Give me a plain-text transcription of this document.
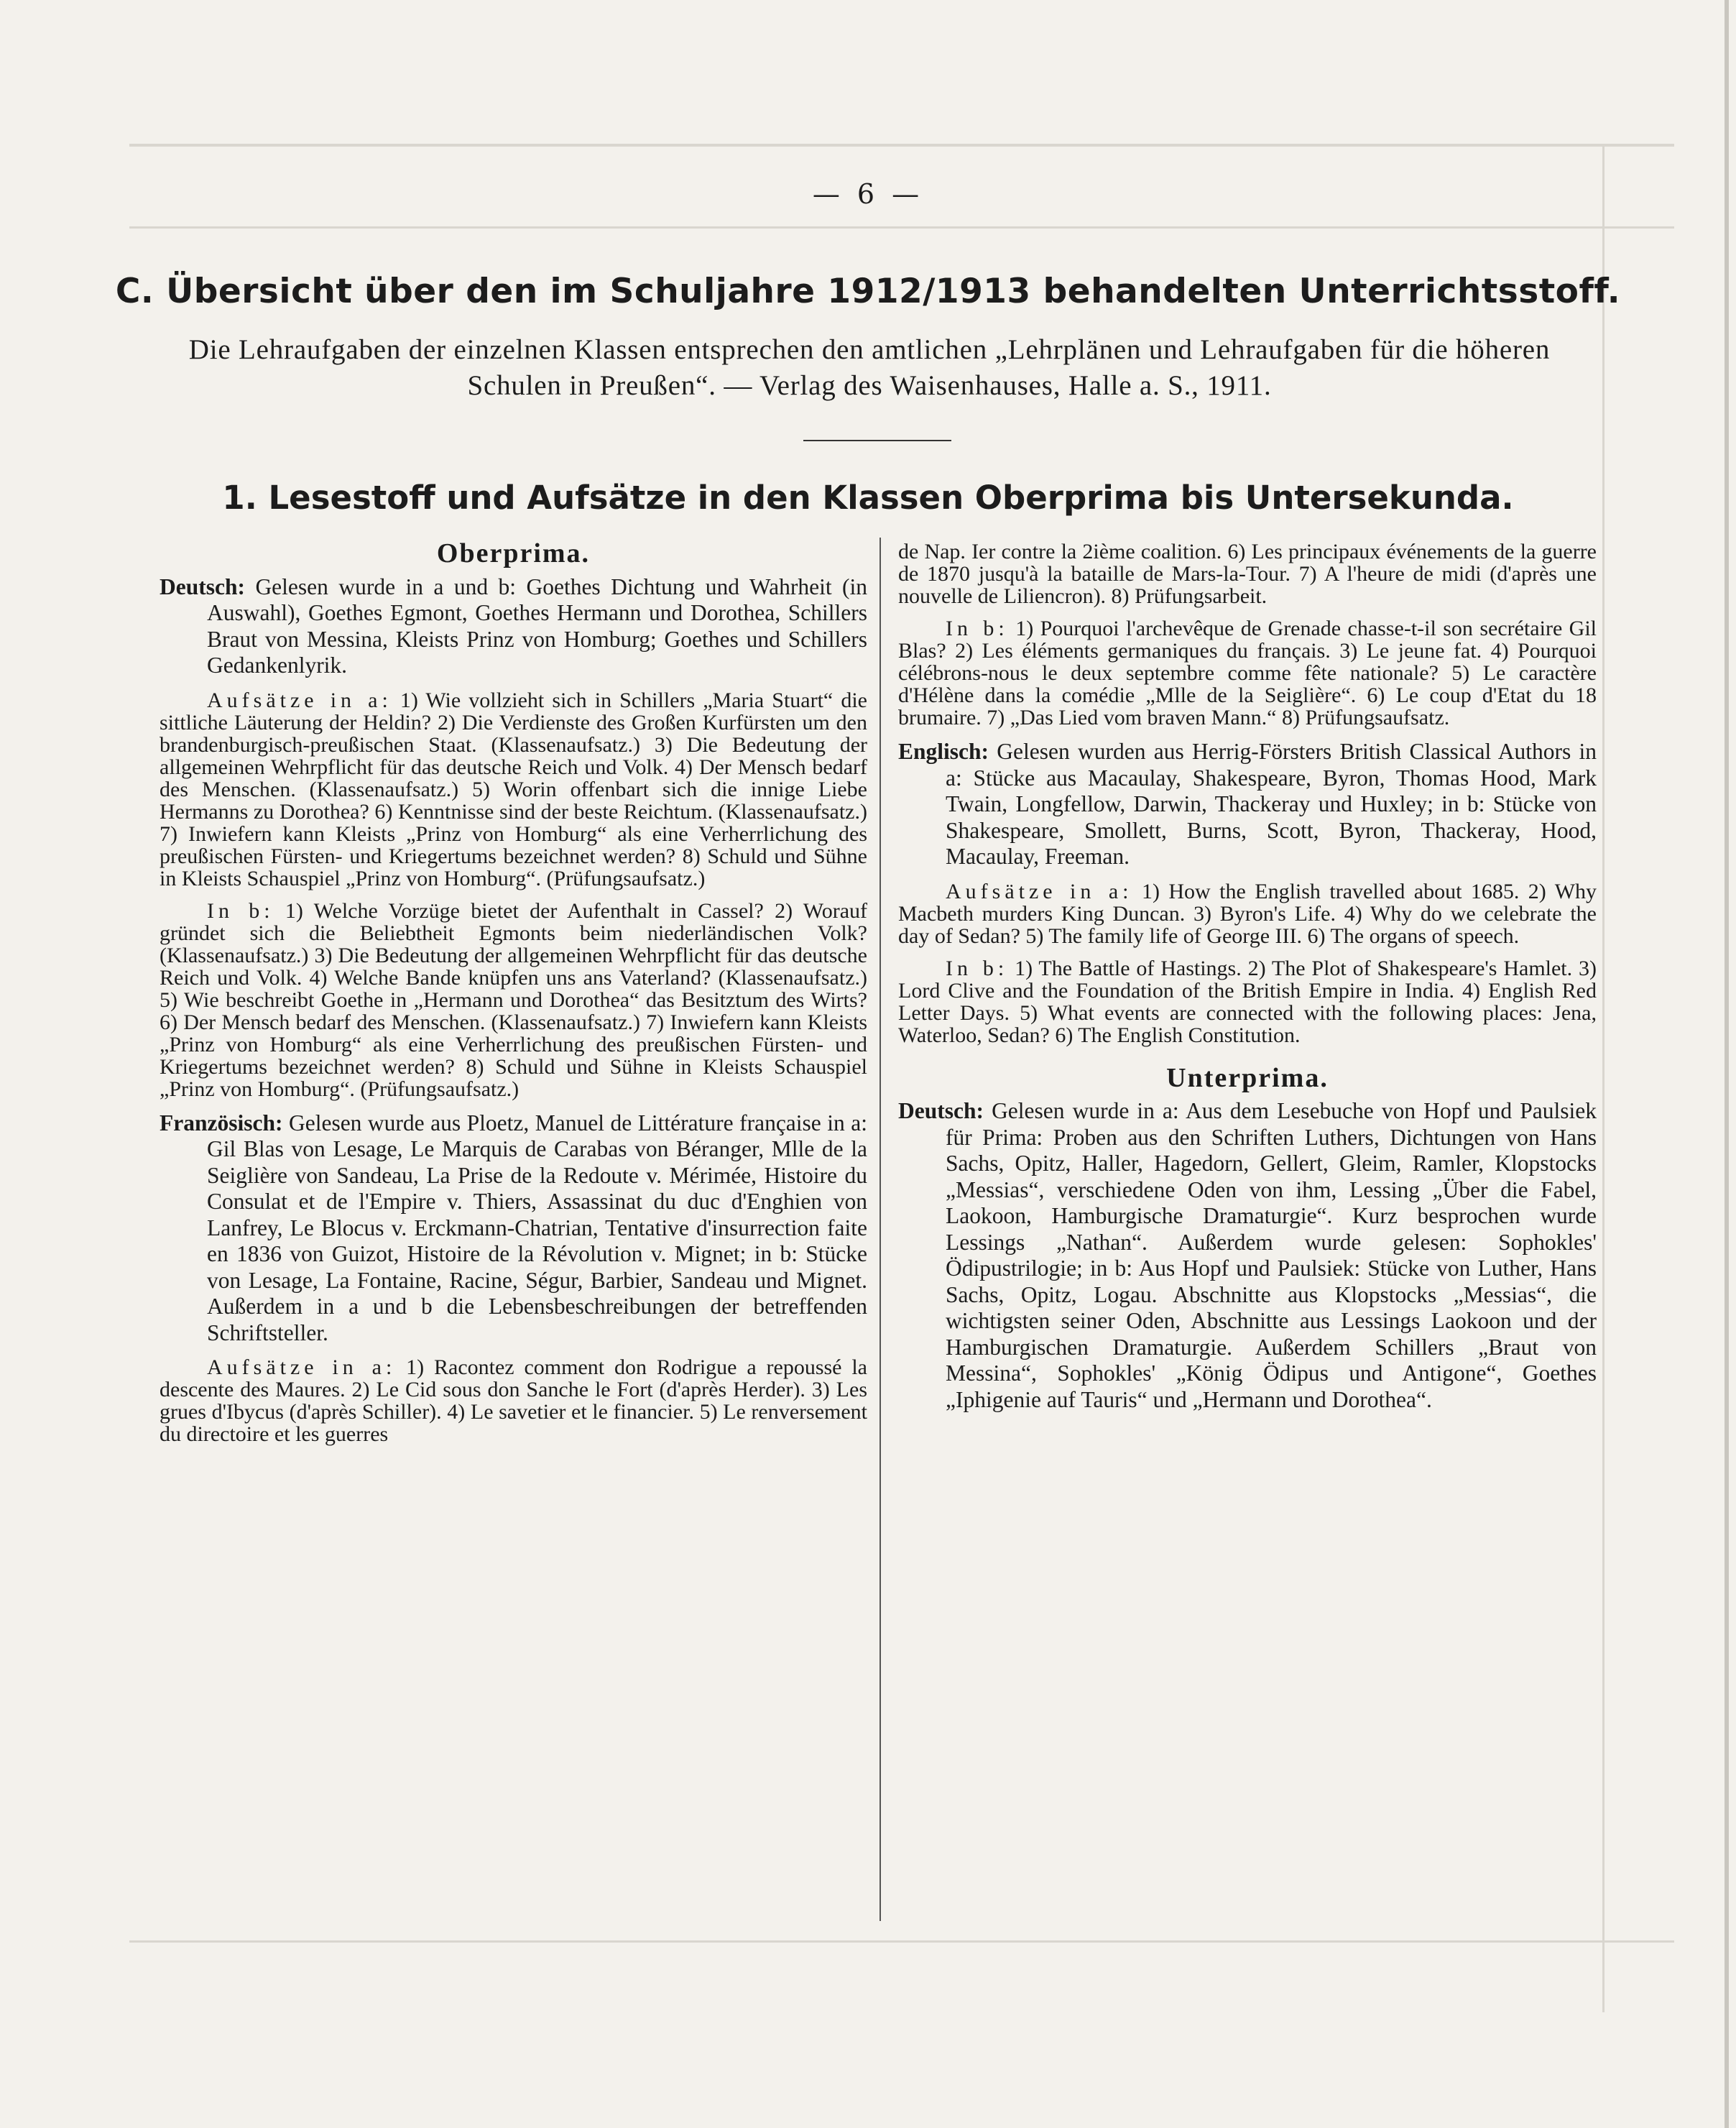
— 6 —
C. Übersicht über den im Schuljahre 1912/1913 behandelten Unterrichtsstoff.
Die Lehraufgaben der einzelnen Klassen entsprechen den amtlichen „Lehrplänen und Lehraufgaben für die höheren Schulen in Preußen“. — Verlag des Waisenhauses, Halle a. S., 1911.
1. Lesestoff und Aufsätze in den Klassen Oberprima bis Untersekunda.

Oberprima.

Deutsch: Gelesen wurde in a und b: Goethes Dichtung und Wahrheit (in Auswahl), Goethes Egmont, Goethes Hermann und Dorothea, Schillers Braut von Messina, Kleists Prinz von Homburg; Goethes und Schillers Gedankenlyrik.

Aufsätze in a: 1) Wie vollzieht sich in Schillers „Maria Stuart“ die sittliche Läuterung der Heldin? 2) Die Verdienste des Großen Kurfürsten um den brandenburgisch-preußischen Staat. (Klassenaufsatz.) 3) Die Bedeutung der allgemeinen Wehrpflicht für das deutsche Reich und Volk. 4) Der Mensch bedarf des Menschen. (Klassenaufsatz.) 5) Worin offenbart sich die innige Liebe Hermanns zu Dorothea? 6) Kenntnisse sind der beste Reichtum. (Klassenaufsatz.) 7) Inwiefern kann Kleists „Prinz von Homburg“ als eine Verherrlichung des preußischen Fürsten- und Kriegertums bezeichnet werden? 8) Schuld und Sühne in Kleists Schauspiel „Prinz von Homburg“. (Prüfungsaufsatz.)

In b: 1) Welche Vorzüge bietet der Aufenthalt in Cassel? 2) Worauf gründet sich die Beliebtheit Egmonts beim niederländischen Volk? (Klassenaufsatz.) 3) Die Bedeutung der allgemeinen Wehrpflicht für das deutsche Reich und Volk. 4) Welche Bande knüpfen uns ans Vaterland? (Klassenaufsatz.) 5) Wie beschreibt Goethe in „Hermann und Dorothea“ das Besitztum des Wirts? 6) Der Mensch bedarf des Menschen. (Klassenaufsatz.) 7) Inwiefern kann Kleists „Prinz von Homburg“ als eine Verherrlichung des preußischen Fürsten- und Kriegertums bezeichnet werden? 8) Schuld und Sühne in Kleists Schauspiel „Prinz von Homburg“. (Prüfungsaufsatz.)

Französisch: Gelesen wurde aus Ploetz, Manuel de Littérature française in a: Gil Blas von Lesage, Le Marquis de Carabas von Béranger, Mlle de la Seiglière von Sandeau, La Prise de la Redoute v. Mérimée, Histoire du Consulat et de l'Empire v. Thiers, Assassinat du duc d'Enghien von Lanfrey, Le Blocus v. Erckmann-Chatrian, Tentative d'insurrection faite en 1836 von Guizot, Histoire de la Révolution v. Mignet; in b: Stücke von Lesage, La Fontaine, Racine, Ségur, Barbier, Sandeau und Mignet. Außerdem in a und b die Lebensbeschreibungen der betreffenden Schriftsteller.

Aufsätze in a: 1) Racontez comment don Rodrigue a repoussé la descente des Maures. 2) Le Cid sous don Sanche le Fort (d'après Herder). 3) Les grues d'Ibycus (d'après Schiller). 4) Le savetier et le financier. 5) Le renversement du directoire et les guerres

de Nap. Ier contre la 2ième coalition. 6) Les principaux événements de la guerre de 1870 jusqu'à la bataille de Mars-la-Tour. 7) A l'heure de midi (d'après une nouvelle de Liliencron). 8) Prüfungsarbeit.

In b: 1) Pourquoi l'archevêque de Grenade chasse-t-il son secrétaire Gil Blas? 2) Les éléments germaniques du français. 3) Le jeune fat. 4) Pourquoi célébrons-nous le deux septembre comme fête nationale? 5) Le caractère d'Hélène dans la comédie „Mlle de la Seiglière“. 6) Le coup d'Etat du 18 brumaire. 7) „Das Lied vom braven Mann.“ 8) Prüfungsaufsatz.

Englisch: Gelesen wurden aus Herrig-Försters British Classical Authors in a: Stücke aus Macaulay, Shakespeare, Byron, Thomas Hood, Mark Twain, Longfellow, Darwin, Thackeray und Huxley; in b: Stücke von Shakespeare, Smollett, Burns, Scott, Byron, Thackeray, Hood, Macaulay, Freeman.

Aufsätze in a: 1) How the English travelled about 1685. 2) Why Macbeth murders King Duncan. 3) Byron's Life. 4) Why do we celebrate the day of Sedan? 5) The family life of George III. 6) The organs of speech.

In b: 1) The Battle of Hastings. 2) The Plot of Shakespeare's Hamlet. 3) Lord Clive and the Foundation of the British Empire in India. 4) English Red Letter Days. 5) What events are connected with the following places: Jena, Waterloo, Sedan? 6) The English Constitution.

Unterprima.

Deutsch: Gelesen wurde in a: Aus dem Lesebuche von Hopf und Paulsiek für Prima: Proben aus den Schriften Luthers, Dichtungen von Hans Sachs, Opitz, Haller, Hagedorn, Gellert, Gleim, Ramler, Klopstocks „Messias“, verschiedene Oden von ihm, Lessing „Über die Fabel, Laokoon, Hamburgische Dramaturgie“. Kurz besprochen wurde Lessings „Nathan“. Außerdem wurde gelesen: Sophokles' Ödipustrilogie; in b: Aus Hopf und Paulsiek: Stücke von Luther, Hans Sachs, Opitz, Logau. Abschnitte aus Klopstocks „Messias“, die wichtigsten seiner Oden, Abschnitte aus Lessings Laokoon und der Hamburgischen Dramaturgie. Außerdem Schillers „Braut von Messina“, Sophokles' „König Ödipus und Antigone“, Goethes „Iphigenie auf Tauris“ und „Hermann und Dorothea“.
